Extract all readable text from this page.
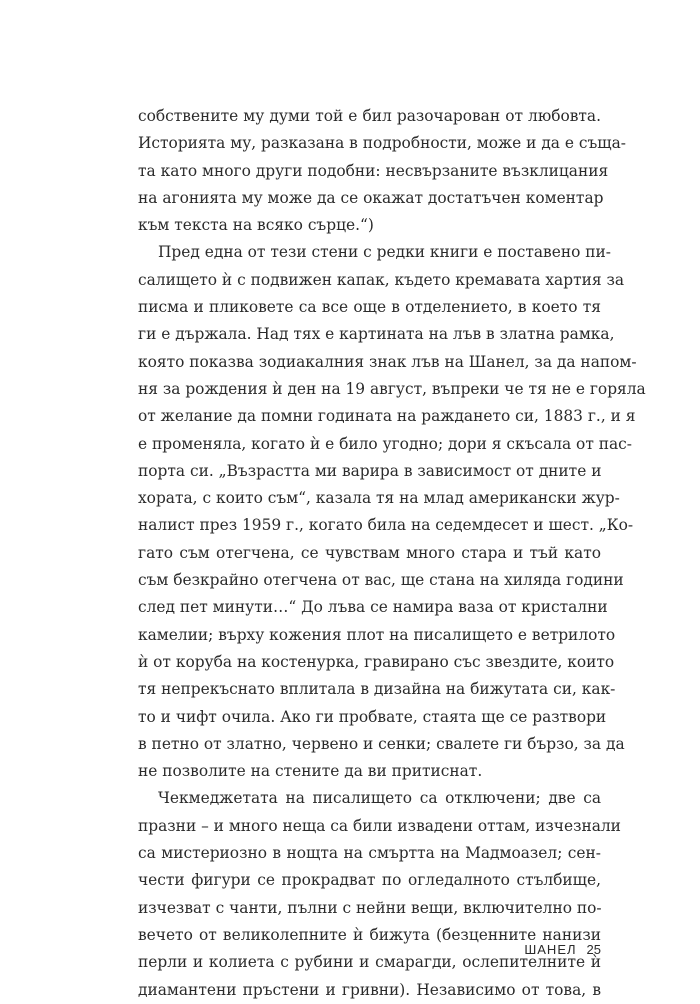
собствените му думи той е бил разочарован от любовта.
Историята му, разказана в подробности, може и да е съща-
та като много други подобни: несвързаните възклицания
на агонията му може да се окажат достатъчен коментар
към текста на всяко сърце.“)
Пред една от тези стени с редки книги е поставено пи-
салището ѝ с подвижен капак, където кремавата хартия за
писма и пликовете са все още в отделението, в което тя
ги е държала. Над тях е картината на лъв в златна рамка,
която показва зодиакалния знак лъв на Шанел, за да напом-
ня за рождения ѝ ден на 19 август, въпреки че тя не е горяла
от желание да помни годината на раждането си, 1883 г., и я
е променяла, когато ѝ е било угодно; дори я скъсала от пас-
порта си. „Възрастта ми варира в зависимост от дните и
хората, с които съм“, казала тя на млад американски жур-
налист през 1959 г., когато била на седемдесет и шест. „Ко-
гато съм отегчена, се чувствам много стара и тъй като
съм безкрайно отегчена от вас, ще стана на хиляда години
след пет минути…“ До лъва се намира ваза от кристални
камелии; върху кожения плот на писалището е ветрилото
ѝ от коруба на костенурка, гравирано със звездите, които
тя непрекъснато вплитала в дизайна на бижутата си, как-
то и чифт очила. Ако ги пробвате, стаята ще се разтвори
в петно от златно, червено и сенки; свалете ги бързо, за да
не позволите на стените да ви притиснат.
Чекмеджетата на писалището са отключени; две са
празни – и много неща са били извадени оттам, изчезнали
са мистериозно в нощта на смъртта на Мадмоазел; сен-
чести фигури се прокрадват по огледалното стълбище,
изчезват с чанти, пълни с нейни вещи, включително по-
вечето от великолепните ѝ бижута (безценните нанизи
перли и колиета с рубини и смарагди, ослепителните ѝ
диамантени пръстени и гривни). Независимо от това, в
ШАНЕЛ 25
